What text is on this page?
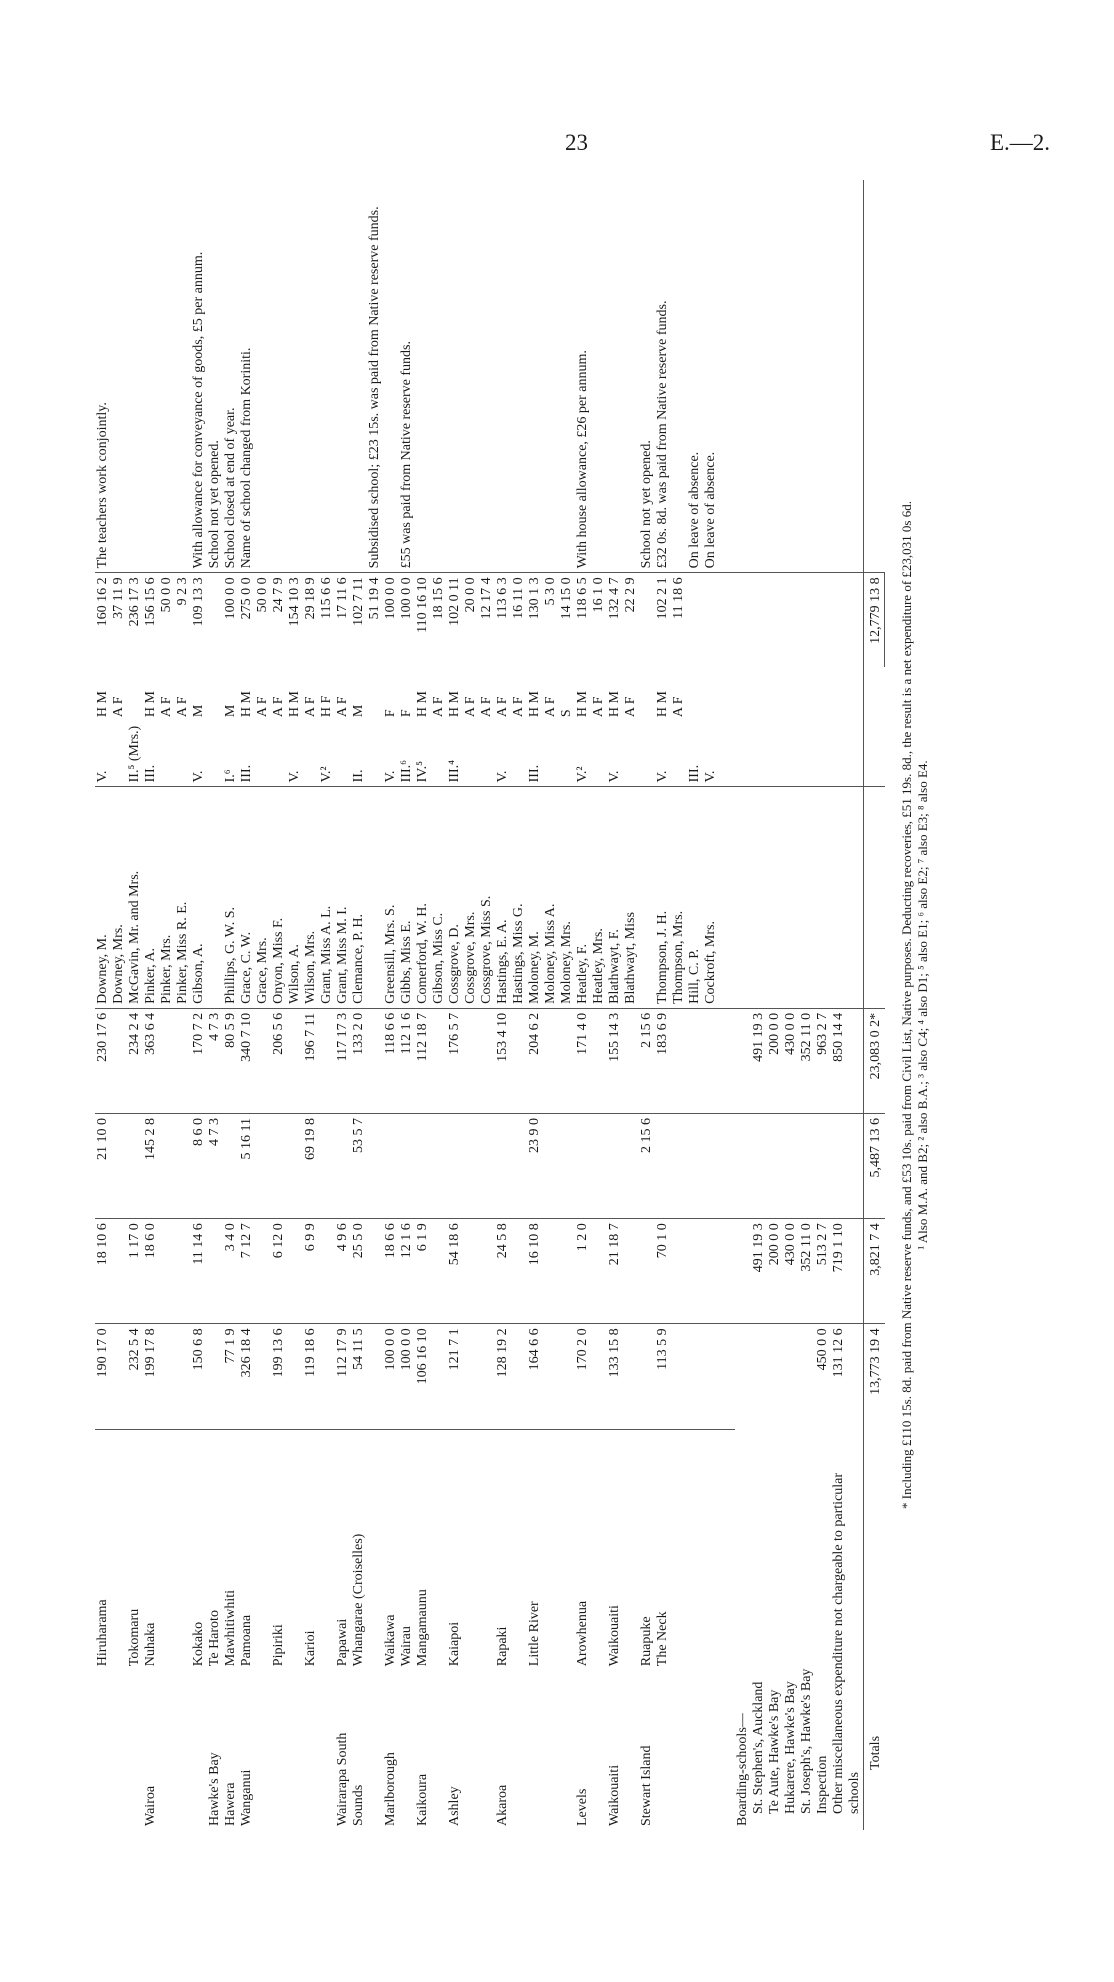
23	E.—2.
	Hiruharama	190 17 0	18 10 6	21 10 0	230 17 6	Downey, M.	V.	H M	160 16 2	The teachers work conjointly.
						Downey, Mrs.		A F	37 11 9	
	Tokomaru	232 5 4	1 17 0		234 2 4	McGavin, Mr. and Mrs.	II.⁵ (Mrs.)		236 17 3	
Wairoa	Nuhaka	199 17 8	18 6 0	145 2 8	363 6 4	Pinker, A.	III.	H M	156 15 6	
						Pinker, Mrs.		A F	50 0 0	
						Pinker, Miss R. E.		A F	9 2 3	
	Kokako	150 6 8	11 14 6	8 6 0	170 7 2	Gibson, A.	V.	M	109 13 3	With allowance for conveyance of goods, £5 per annum.
Hawke's Bay	Te Haroto			4 7 3	4 7 3					School not yet opened.
Hawera	Mawhitiwhiti	77 1 9	3 4 0		80 5 9	Phillips, G. W. S.	I.⁶	M	100 0 0	School closed at end of year.
Wanganui	Pamoana	326 18 4	7 12 7	5 16 11	340 7 10	Grace, C. W.	III.	H M	275 0 0	Name of school changed from Koriniti.
						Grace, Mrs.		A F	50 0 0	
	Pipiriki	199 13 6	6 12 0		206 5 6	Onyon, Miss F.		A F	24 7 9	
						Wilson, A.	V.	H M	154 10 3	
	Karioi	119 18 6	6 9 9	69 19 8	196 7 11	Wilson, Mrs.		A F	29 18 9	
						Grant, Miss A. L.	V.²	H F	115 6 6	
Wairarapa South	Papawai	112 17 9	4 9 6		117 17 3	Grant, Miss M. I.		A F	17 11 6	
Sounds	Whangarae (Croiselles)	54 11 5	25 5 0	53 5 7	133 2 0	Clemance, P. H.	II.	M	102 7 11	
									51 19 4	Subsidised school; £23 15s. was paid from Native reserve funds.
Marlborough	Waikawa	100 0 0	18 6 6		118 6 6	Greensill, Mrs. S.	V.	F	100 0 0	
	Wairau	100 0 0	12 1 6		112 1 6	Gibbs, Miss E.	III.⁶	F	100 0 0	£55 was paid from Native reserve funds.
Kaikoura	Mangamaunu	106 16 10	6 1 9		112 18 7	Comerford, W. H.	IV.⁵	H M	110 16 10	
						Gibson, Miss C.		A F	18 15 6	
Ashley	Kaiapoi	121 7 1	54 18 6		176 5 7	Cossgrove, D.	III.⁴	H M	102 0 11	
						Cossgrove, Mrs.		A F	20 0 0	
						Cossgrove, Miss S.		A F	12 17 4	
Akaroa	Rapaki	128 19 2	24 5 8		153 4 10	Hastings, E. A.	V.	A F	113 6 3	
						Hastings, Miss G.		A F	16 11 0	
	Little River	164 6 6	16 10 8	23 9 0	204 6 2	Moloney, M.	III.	H M	130 1 3	
						Moloney, Miss A.		A F	5 3 0	
						Moloney, Mrs.		S	14 15 0	
Levels	Arowhenua	170 2 0	1 2 0		171 4 0	Heatley, F.	V.²	H M	118 6 5	With house allowance, £26 per annum.
						Heatley, Mrs.		A F	16 1 0	
Waikouaiti	Waikouaiti	133 15 8	21 18 7		155 14 3	Blathwayt, F.	V.	H M	132 4 7	
						Blathwayt, Miss		A F	22 2 9	
Stewart Island	Ruapuke			2 15 6	2 15 6					School not yet opened.
	The Neck	113 5 9	70 1 0		183 6 9	Thompson, J. H.	V.	H M	102 2 1	£32 0s. 8d. was paid from Native reserve funds.
						Thompson, Mrs.		A F	11 18 6	
						Hill, C. P.	III.			On leave of absence.
						Cockroft, Mrs.	V.			On leave of absence.

Boarding-schools—										
St. Stephen's, Auckland			491 19 3		491 19 3					
Te Aute, Hawke's Bay			200 0 0		200 0 0					
Hukarere, Hawke's Bay			430 0 0		430 0 0					
St. Joseph's, Hawke's Bay			352 11 0		352 11 0					
Inspection		450 0 0	513 2 7		963 2 7					
Other miscellaneous expenditure not chargeable to particular schools		131 12 6	719 1 10		850 14 4					
Totals		13,773 19 4	3,821 7 4	5,487 13 6	23,083 0 2*				12,779 13 8	* Including £110 15s. 8d. paid from Native reserve funds, and £53 10s. paid from Civil List, Native purposes. Deducting recoveries, £51 19s. 8d., the result is a net expenditure of £23,031 0s 6d. ¹ Also M.A. and B2; ² also B.A.; ³ also C4; ⁴ also D1; ⁵ also E1; ⁶ also E2; ⁷ also E3; ⁸ also E4.
